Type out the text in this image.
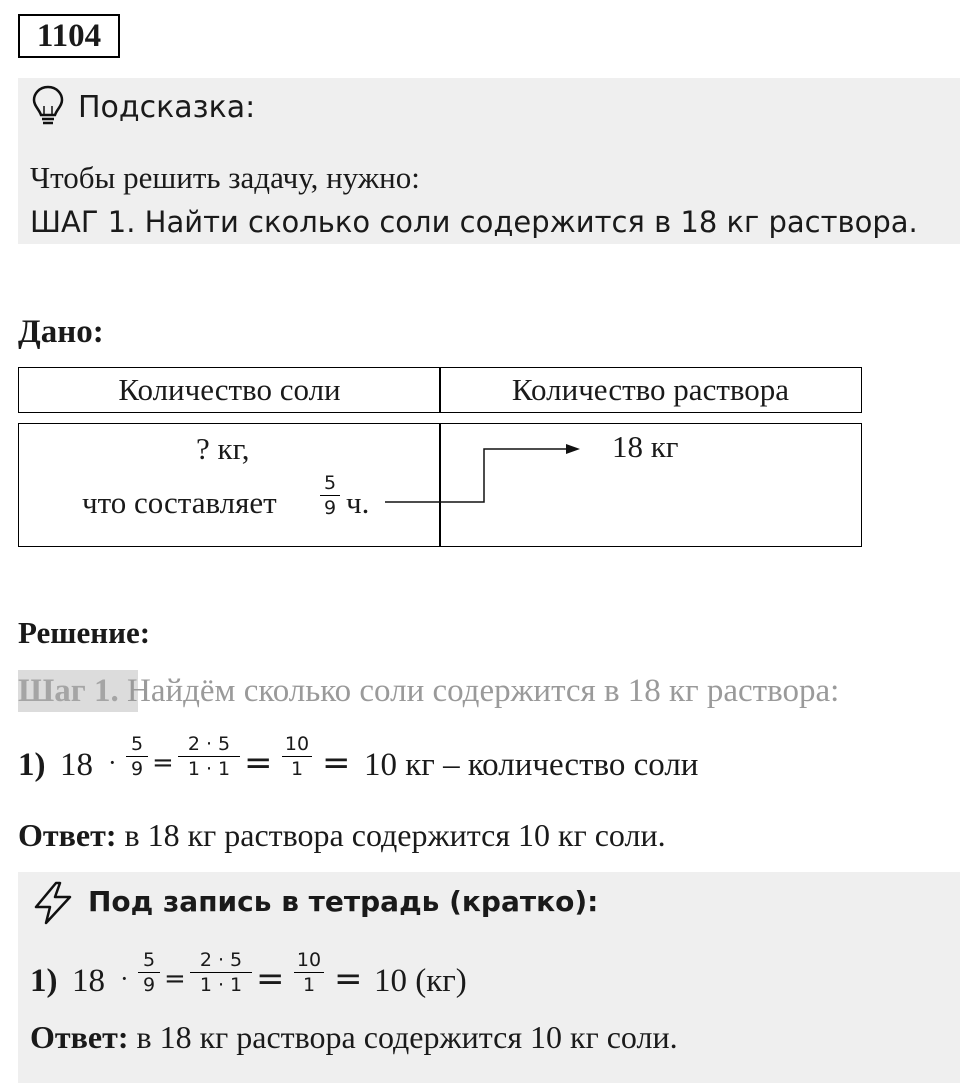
1104
Подсказка:
Чтобы решить задачу, нужно:
ШАГ 1. Найти сколько соли содержится в 18 кг раствора.
Дано:
Количество соли	Количество раствора
? кг,
что составляет
5
9 ч.
18 кг
Решение:
Шаг 1. Найдём сколько соли содержится в 18 кг раствора:
1) 18 ·
5
9 =
2 · 5
1 · 1 = 10
1 = 10 кг – количество соли
Ответ: в 18 кг раствора содержится 10 кг соли.
Под запись в тетрадь (кратко):
1) 18 ·
5
9 =
2 · 5
1 · 1 = 10
1 = 10 (кг)
Ответ: в 18 кг раствора содержится 10 кг соли.
